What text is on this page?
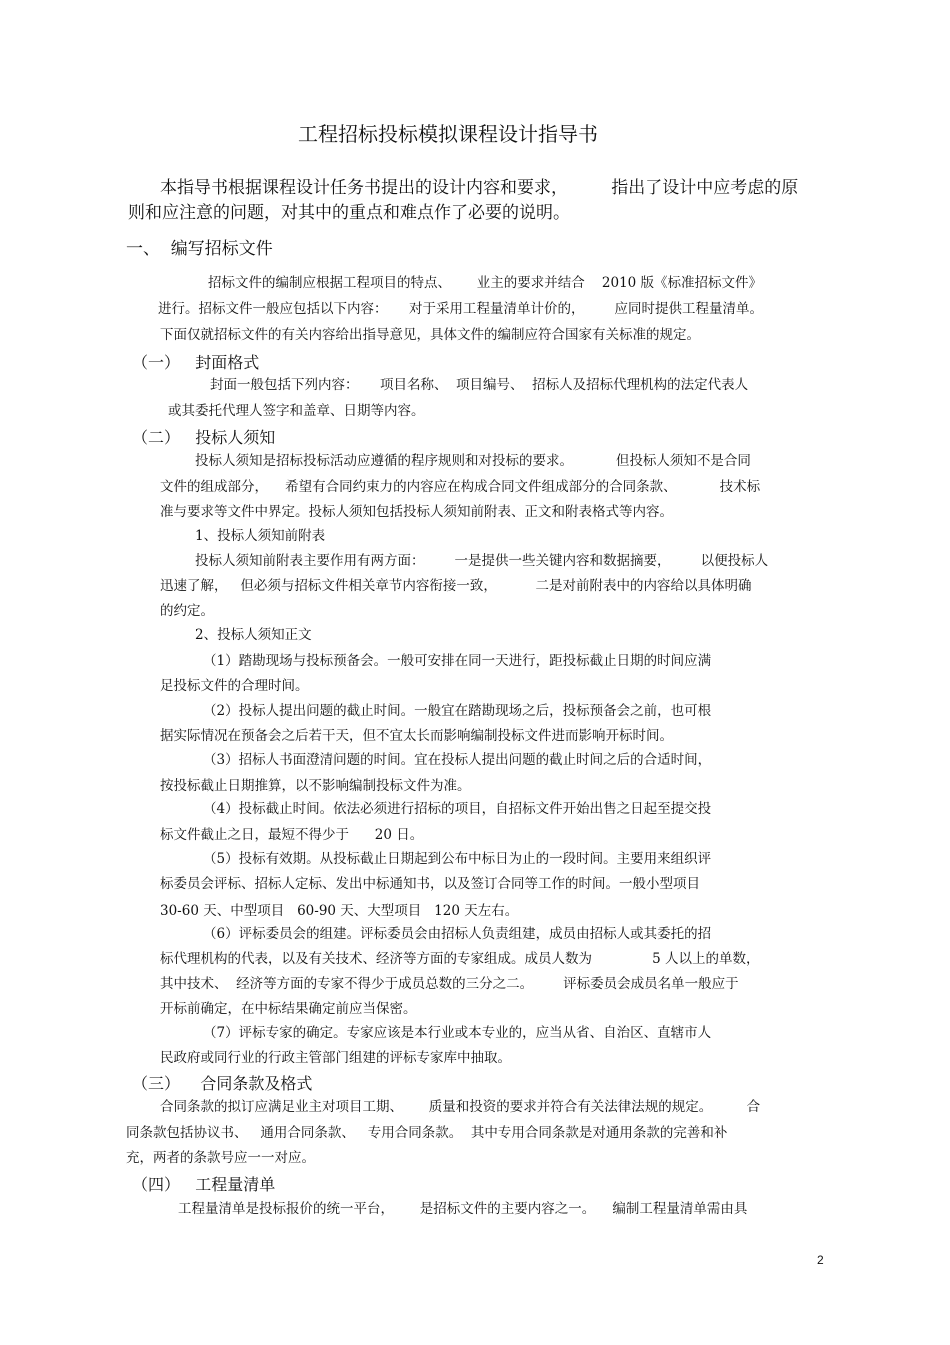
工程招标投标模拟课程设计指导书
本指导书根据课程设计任务书提出的设计内容和要求，        指出了设计中应考虑的原
则和应注意的问题，对其中的重点和难点作了必要的说明。
一、  编写招标文件
招标文件的编制应根据工程项目的特点、      业主的要求并结合    2010 版《标准招标文件》
进行。招标文件一般应包括以下内容：     对于采用工程量清单计价的，       应同时提供工程量清单。
下面仅就招标文件的有关内容给出指导意见，具体文件的编制应符合国家有关标准的规定。
（一）   封面格式
封面一般包括下列内容：     项目名称、  项目编号、  招标人及招标代理机构的法定代表人
或其委托代理人签字和盖章、日期等内容。
（二）   投标人须知
投标人须知是招标投标活动应遵循的程序规则和对投标的要求。          但投标人须知不是合同
文件的组成部分，    希望有合同约束力的内容应在构成合同文件组成部分的合同条款、          技术标
准与要求等文件中界定。投标人须知包括投标人须知前附表、正文和附表格式等内容。
1、投标人须知前附表
投标人须知前附表主要作用有两方面：       一是提供一些关键内容和数据摘要，       以便投标人
迅速了解，   但必须与招标文件相关章节内容衔接一致，         二是对前附表中的内容给以具体明确
的约定。
2、投标人须知正文
（1）踏勘现场与投标预备会。一般可安排在同一天进行，距投标截止日期的时间应满
足投标文件的合理时间。
（2）投标人提出问题的截止时间。一般宜在踏勘现场之后，投标预备会之前，也可根
据实际情况在预备会之后若干天，但不宜太长而影响编制投标文件进而影响开标时间。
（3）招标人书面澄清问题的时间。宜在投标人提出问题的截止时间之后的合适时间，
按投标截止日期推算，以不影响编制投标文件为准。
（4）投标截止时间。依法必须进行招标的项目，自招标文件开始出售之日起至提交投
标文件截止之日，最短不得少于      20 日。
（5）投标有效期。从投标截止日期起到公布中标日为止的一段时间。主要用来组织评
标委员会评标、招标人定标、发出中标通知书，以及签订合同等工作的时间。一般小型项目
30-60 天、中型项目   60-90 天、大型项目   120 天左右。
（6）评标委员会的组建。评标委员会由招标人负责组建，成员由招标人或其委托的招
标代理机构的代表，以及有关技术、经济等方面的专家组成。成员人数为              5 人以上的单数，
其中技术、  经济等方面的专家不得少于成员总数的三分之二。       评标委员会成员名单一般应于
开标前确定，在中标结果确定前应当保密。
（7）评标专家的确定。专家应该是本行业或本专业的，应当从省、自治区、直辖市人
民政府或同行业的行政主管部门组建的评标专家库中抽取。
（三）    合同条款及格式
合同条款的拟订应满足业主对项目工期、      质量和投资的要求并符合有关法律法规的规定。        合
同条款包括协议书、   通用合同条款、   专用合同条款。  其中专用合同条款是对通用条款的完善和补
充，两者的条款号应一一对应。
（四）   工程量清单
工程量清单是投标报价的统一平台，      是招标文件的主要内容之一。    编制工程量清单需由具
2
